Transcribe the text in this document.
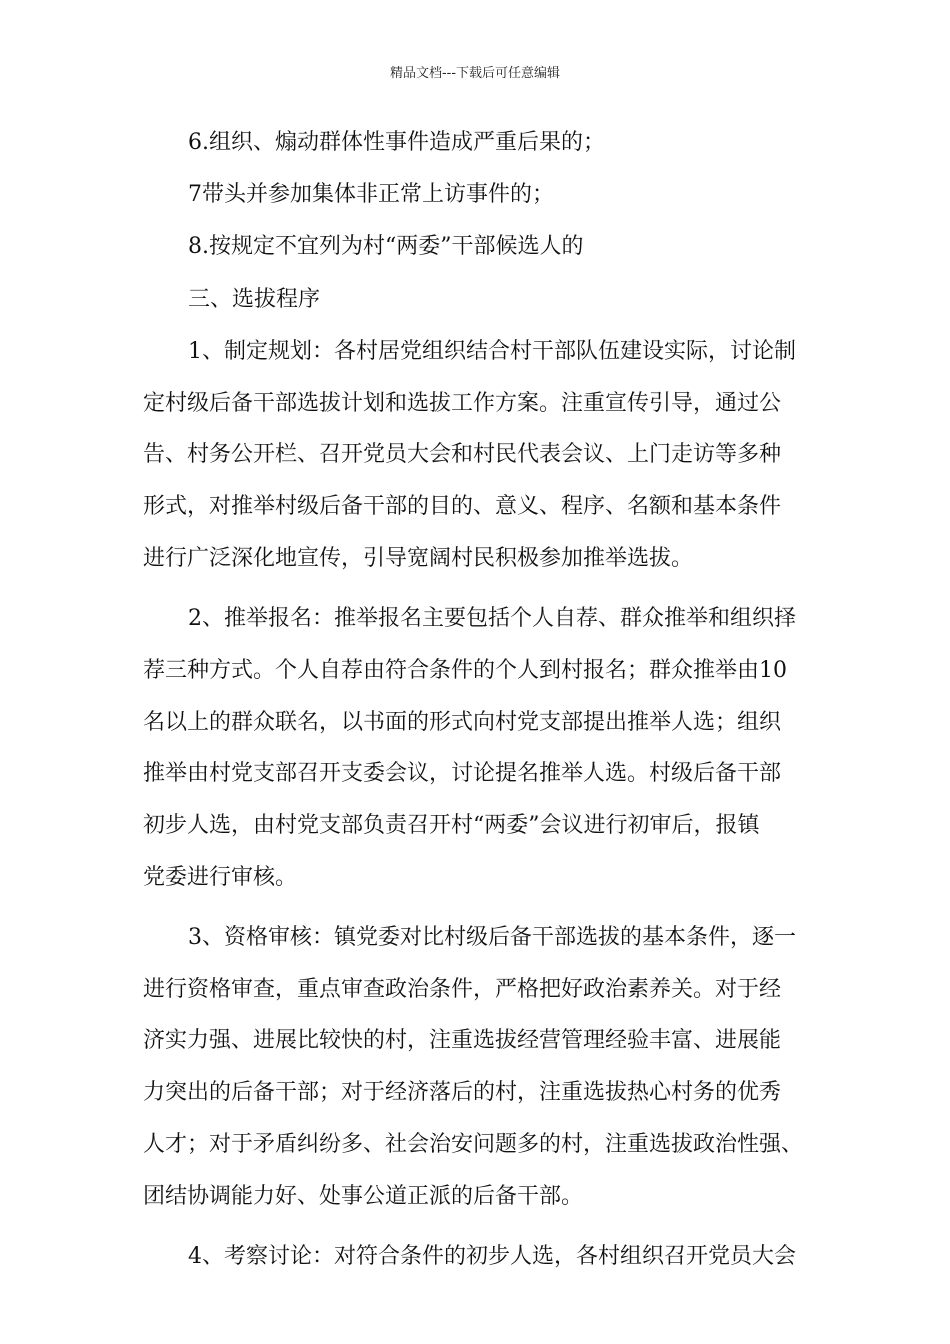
精品文档---下载后可任意编辑
6.组织、煽动群体性事件造成严重后果的；
7带头并参加集体非正常上访事件的；
8.按规定不宜列为村“两委”干部候选人的
三、选拔程序
1、制定规划：各村居党组织结合村干部队伍建设实际，讨论制
定村级后备干部选拔计划和选拔工作方案。注重宣传引导，通过公
告、村务公开栏、召开党员大会和村民代表会议、上门走访等多种
形式，对推举村级后备干部的目的、意义、程序、名额和基本条件
进行广泛深化地宣传，引导宽阔村民积极参加推举选拔。
2、推举报名：推举报名主要包括个人自荐、群众推举和组织择
荐三种方式。个人自荐由符合条件的个人到村报名；群众推举由10
名以上的群众联名，以书面的形式向村党支部提出推举人选；组织
推举由村党支部召开支委会议，讨论提名推举人选。村级后备干部
初步人选，由村党支部负责召开村“两委”会议进行初审后，报镇
党委进行审核。
3、资格审核：镇党委对比村级后备干部选拔的基本条件，逐一
进行资格审查，重点审查政治条件，严格把好政治素养关。对于经
济实力强、进展比较快的村，注重选拔经营管理经验丰富、进展能
力突出的后备干部；对于经济落后的村，注重选拔热心村务的优秀
人才；对于矛盾纠纷多、社会治安问题多的村，注重选拔政治性强、
团结协调能力好、处事公道正派的后备干部。
4、考察讨论：对符合条件的初步人选，各村组织召开党员大会
